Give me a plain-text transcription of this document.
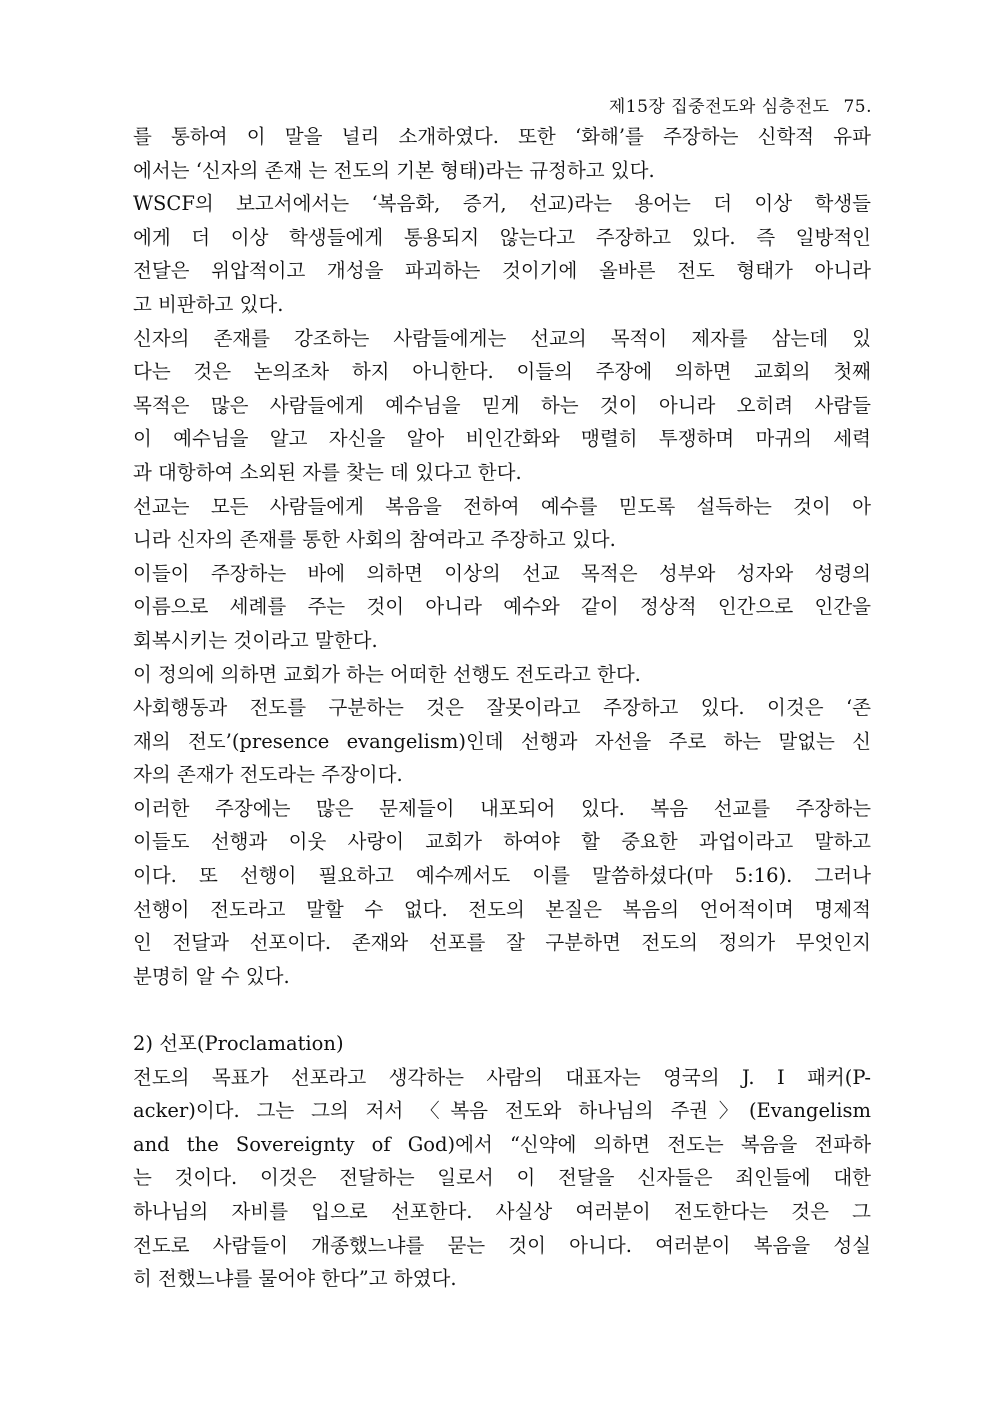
제15장 집중전도와 심층전도 75.
를 통하여 이 말을 널리 소개하였다. 또한 ‘화해’를 주장하는 신학적 유파
에서는 ‘신자의 존재 는 전도의 기본 형태)라는 규정하고 있다.
WSCF의 보고서에서는 ‘복음화, 증거, 선교)라는 용어는 더 이상 학생들
에게 더 이상 학생들에게 통용되지 않는다고 주장하고 있다. 즉 일방적인
전달은 위압적이고 개성을 파괴하는 것이기에 올바른 전도 형태가 아니라
고 비판하고 있다.
신자의 존재를 강조하는 사람들에게는 선교의 목적이 제자를 삼는데 있
다는 것은 논의조차 하지 아니한다. 이들의 주장에 의하면 교회의 첫째
목적은 많은 사람들에게 예수님을 믿게 하는 것이 아니라 오히려 사람들
이 예수님을 알고 자신을 알아 비인간화와 맹렬히 투쟁하며 마귀의 세력
과 대항하여 소외된 자를 찾는 데 있다고 한다.
선교는 모든 사람들에게 복음을 전하여 예수를 믿도록 설득하는 것이 아
니라 신자의 존재를 통한 사회의 참여라고 주장하고 있다.
이들이 주장하는 바에 의하면 이상의 선교 목적은 성부와 성자와 성령의
이름으로 세례를 주는 것이 아니라 예수와 같이 정상적 인간으로 인간을
회복시키는 것이라고 말한다.
이 정의에 의하면 교회가 하는 어떠한 선행도 전도라고 한다.
사회행동과 전도를 구분하는 것은 잘못이라고 주장하고 있다. 이것은 ‘존
재의 전도’(presence evangelism)인데 선행과 자선을 주로 하는 말없는 신
자의 존재가 전도라는 주장이다.
이러한 주장에는 많은 문제들이 내포되어 있다. 복음 선교를 주장하는
이들도 선행과 이웃 사랑이 교회가 하여야 할 중요한 과업이라고 말하고
이다. 또 선행이 필요하고 예수께서도 이를 말씀하셨다(마 5:16). 그러나
선행이 전도라고 말할 수 없다. 전도의 본질은 복음의 언어적이며 명제적
인 전달과 선포이다. 존재와 선포를 잘 구분하면 전도의 정의가 무엇인지
분명히 알 수 있다.
2) 선포(Proclamation)
전도의 목표가 선포라고 생각하는 사람의 대표자는 영국의 J. I 패커(P-
acker)이다. 그는 그의 저서 〈복음 전도와 하나님의 주권〉(Evangelism
and the Sovereignty of God)에서 “신약에 의하면 전도는 복음을 전파하
는 것이다. 이것은 전달하는 일로서 이 전달을 신자들은 죄인들에 대한
하나님의 자비를 입으로 선포한다. 사실상 여러분이 전도한다는 것은 그
전도로 사람들이 개종했느냐를 묻는 것이 아니다. 여러분이 복음을 성실
히 전했느냐를 물어야 한다”고 하였다.
